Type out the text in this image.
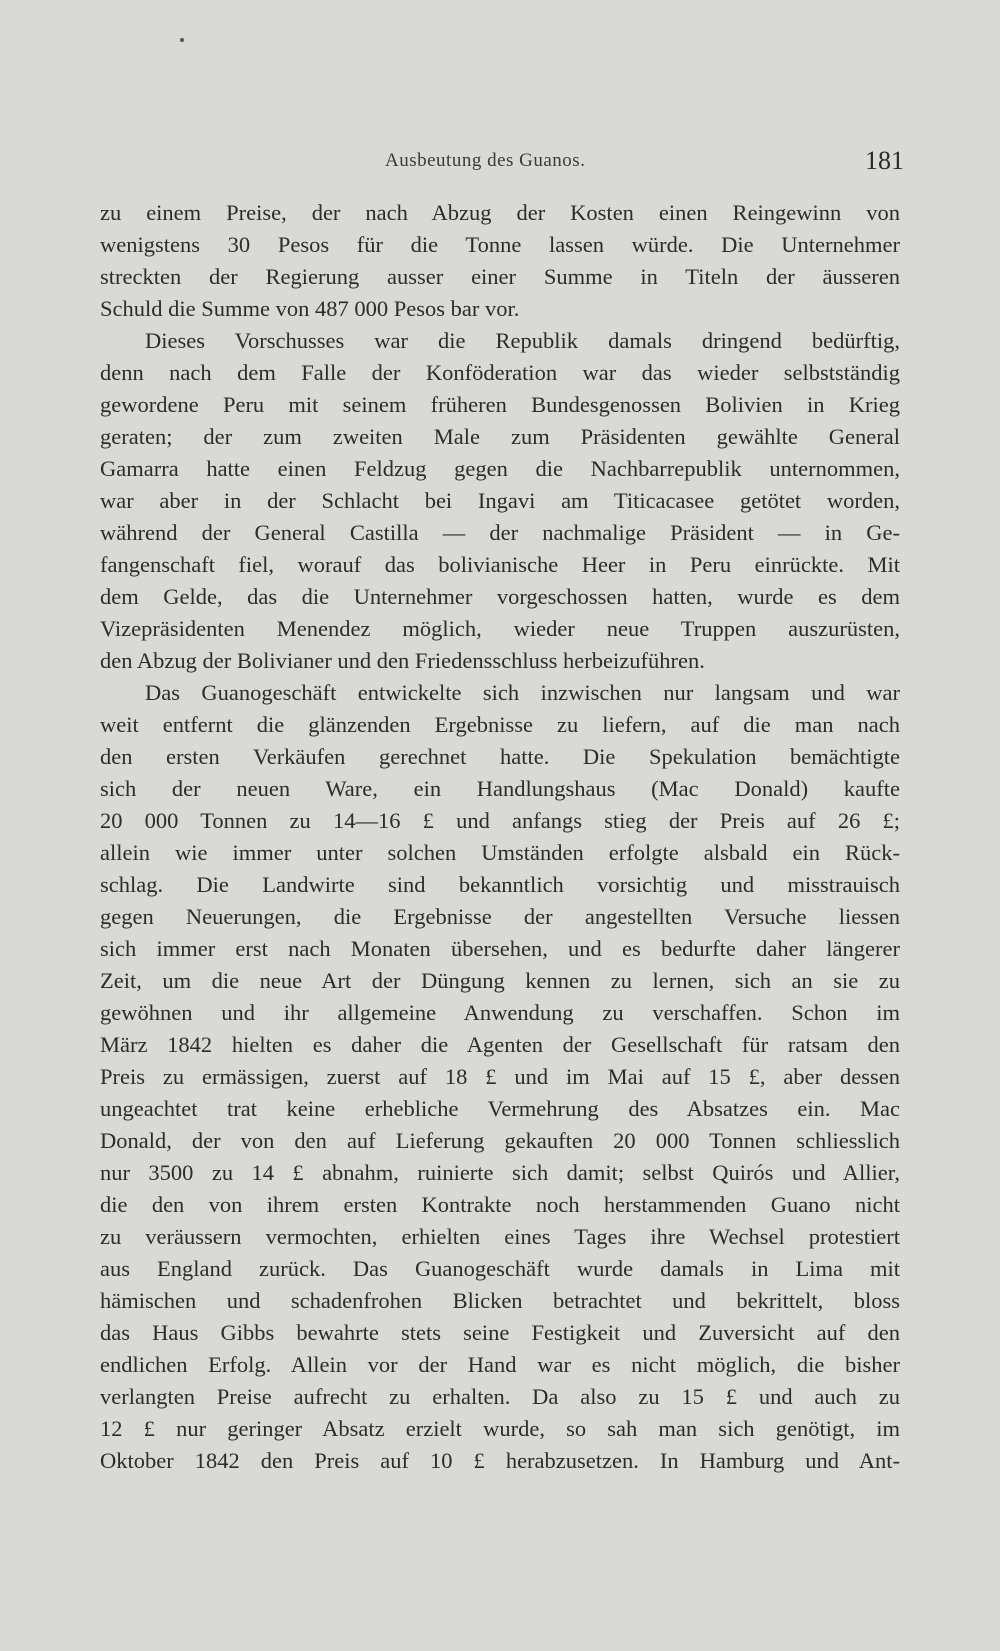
Ausbeutung des Guanos.	181
zu einem Preise, der nach Abzug der Kosten einen Reingewinn von
wenigstens 30 Pesos für die Tonne lassen würde. Die Unternehmer
streckten der Regierung ausser einer Summe in Titeln der äusseren
Schuld die Summe von 487 000 Pesos bar vor.
Dieses Vorschusses war die Republik damals dringend bedürftig,
denn nach dem Falle der Konföderation war das wieder selbstständig
gewordene Peru mit seinem früheren Bundesgenossen Bolivien in Krieg
geraten; der zum zweiten Male zum Präsidenten gewählte General
Gamarra hatte einen Feldzug gegen die Nachbarrepublik unternommen,
war aber in der Schlacht bei Ingavi am Titicacasee getötet worden,
während der General Castilla — der nachmalige Präsident — in Ge-
fangenschaft fiel, worauf das bolivianische Heer in Peru einrückte. Mit
dem Gelde, das die Unternehmer vorgeschossen hatten, wurde es dem
Vizepräsidenten Menendez möglich, wieder neue Truppen auszurüsten,
den Abzug der Bolivianer und den Friedensschluss herbeizuführen.
Das Guanogeschäft entwickelte sich inzwischen nur langsam und war
weit entfernt die glänzenden Ergebnisse zu liefern, auf die man nach
den ersten Verkäufen gerechnet hatte. Die Spekulation bemächtigte
sich der neuen Ware, ein Handlungshaus (Mac Donald) kaufte
20 000 Tonnen zu 14—16 £ und anfangs stieg der Preis auf 26 £;
allein wie immer unter solchen Umständen erfolgte alsbald ein Rück-
schlag. Die Landwirte sind bekanntlich vorsichtig und misstrauisch
gegen Neuerungen, die Ergebnisse der angestellten Versuche liessen
sich immer erst nach Monaten übersehen, und es bedurfte daher längerer
Zeit, um die neue Art der Düngung kennen zu lernen, sich an sie zu
gewöhnen und ihr allgemeine Anwendung zu verschaffen. Schon im
März 1842 hielten es daher die Agenten der Gesellschaft für ratsam den
Preis zu ermässigen, zuerst auf 18 £ und im Mai auf 15 £, aber dessen
ungeachtet trat keine erhebliche Vermehrung des Absatzes ein. Mac
Donald, der von den auf Lieferung gekauften 20 000 Tonnen schliesslich
nur 3500 zu 14 £ abnahm, ruinierte sich damit; selbst Quirós und Allier,
die den von ihrem ersten Kontrakte noch herstammenden Guano nicht
zu veräussern vermochten, erhielten eines Tages ihre Wechsel protestiert
aus England zurück. Das Guanogeschäft wurde damals in Lima mit
hämischen und schadenfrohen Blicken betrachtet und bekrittelt, bloss
das Haus Gibbs bewahrte stets seine Festigkeit und Zuversicht auf den
endlichen Erfolg. Allein vor der Hand war es nicht möglich, die bisher
verlangten Preise aufrecht zu erhalten. Da also zu 15 £ und auch zu
12 £ nur geringer Absatz erzielt wurde, so sah man sich genötigt, im
Oktober 1842 den Preis auf 10 £ herabzusetzen. In Hamburg und Ant-
